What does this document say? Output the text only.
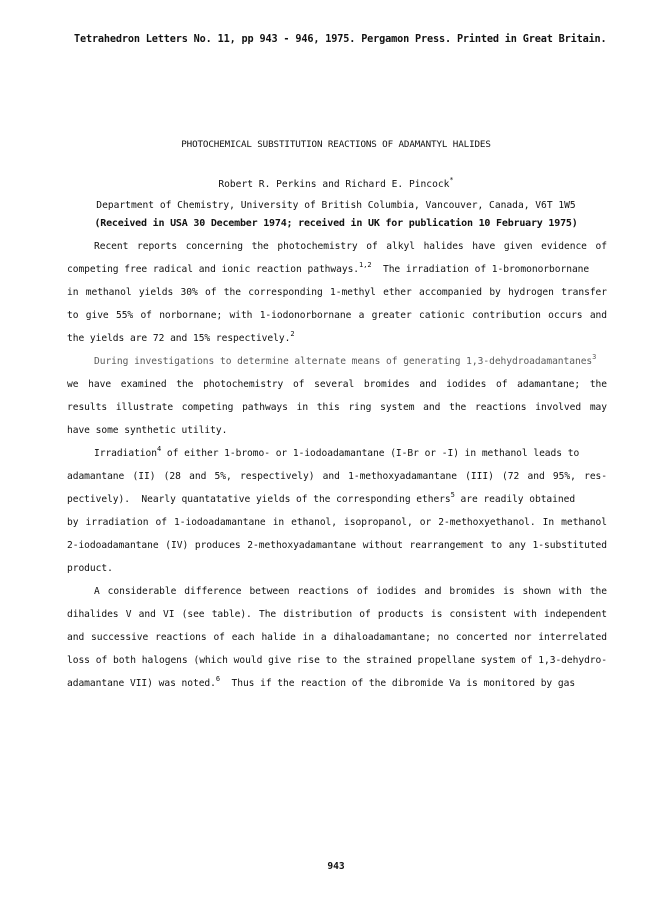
Tetrahedron Letters No. 11, pp 943 - 946, 1975. Pergamon Press. Printed in Great Britain.
PHOTOCHEMICAL SUBSTITUTION REACTIONS OF ADAMANTYL HALIDES
Robert R. Perkins and Richard E. Pincock*
Department of Chemistry, University of British Columbia, Vancouver, Canada, V6T 1W5
(Received in USA 30 December 1974; received in UK for publication 10 February 1975)
Recent reports concerning the photochemistry of alkyl halides have given evidence of
competing free radical and ionic reaction pathways.$^{1,2}$  The irradiation of 1-bromonorbornane
in methanol yields 30% of the corresponding 1-methyl ether accompanied by hydrogen transfer
to give 55% of norbornane; with 1-iodonorbornane a greater cationic contribution occurs and
the yields are 72 and 15% respectively.$^2$
During investigations to determine alternate means of generating 1,3-dehydroadamantanes$^3$
we have examined the photochemistry of several bromides and iodides of adamantane; the
results illustrate competing pathways in this ring system and the reactions involved may
have some synthetic utility.
Irradiation$^4$ of either 1-bromo- or 1-iodoadamantane (I-Br or -I) in methanol leads to
adamantane (II) (28 and 5%, respectively) and 1-methoxyadamantane (III) (72 and 95%, res-
pectively).  Nearly quantatative yields of the corresponding ethers$^5$ are readily obtained
by irradiation of 1-iodoadamantane in ethanol, isopropanol, or 2-methoxyethanol. In methanol
2-iodoadamantane (IV) produces 2-methoxyadamantane without rearrangement to any 1-substituted
product.
A considerable difference between reactions of iodides and bromides is shown with the
dihalides V and VI (see table). The distribution of products is consistent with independent
and successive reactions of each halide in a dihaloadamantane; no concerted nor interrelated
loss of both halogens (which would give rise to the strained propellane system of 1,3-dehydro-
adamantane VII) was noted.$^6$  Thus if the reaction of the dibromide Va is monitored by gas
943
